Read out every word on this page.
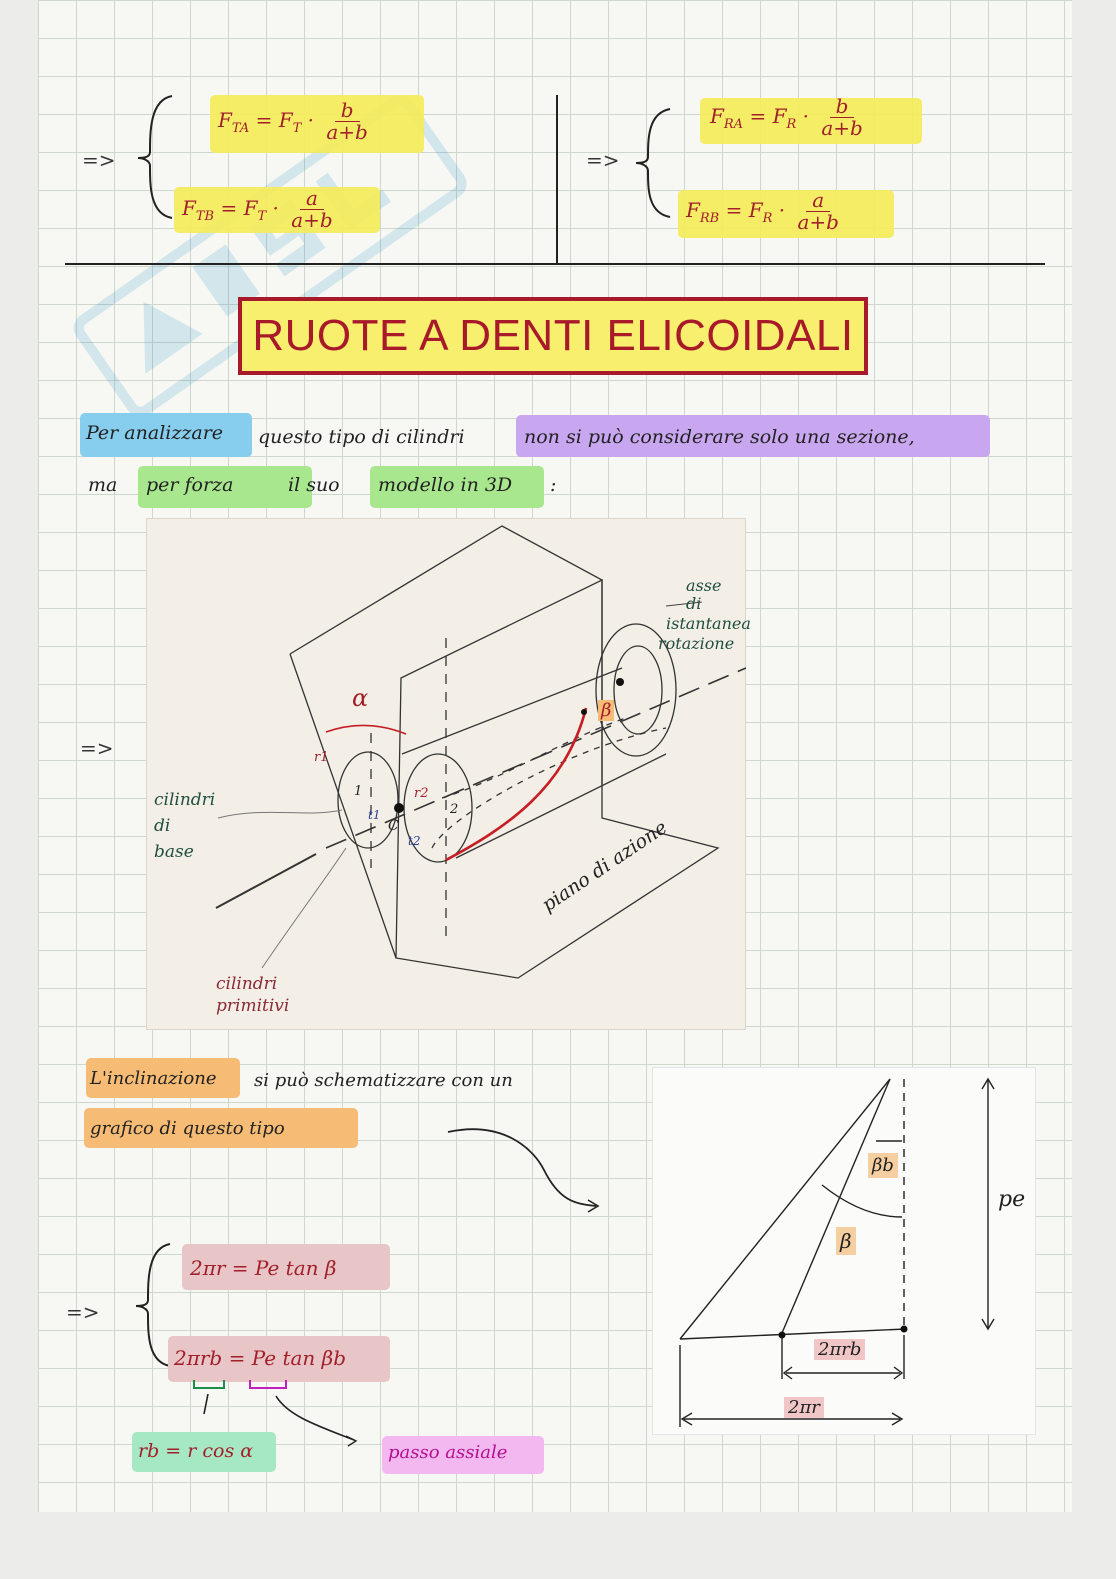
=>
$F_{TA} = F_T \cdot \frac{b}{a+b}$
$F_{TB} = F_T \cdot \frac{a}{a+b}$
=>
$F_{RA} = F_R \cdot \frac{b}{a+b}$
$F_{RB} = F_R \cdot \frac{a}{a+b}$
RUOTE A DENTI ELICOIDALI
Per analizzare questo tipo di cilindri	non si può considerare solo una sezione,
ma per forza	il suo modello in 3D :
=>
α	β
r1
r2
C
1
2
t1
t2
asse
di
istantanea
rotazione
cilindri
di
base
cilindri
primitivi
piano di azione
L'inclinazione si può schematizzare con un
grafico di questo tipo
pe
βb
β
2πrb
2πr
=>
2πr = Pe tan β
2πrb = Pe tan βb
rb = r cos α	passo assiale
